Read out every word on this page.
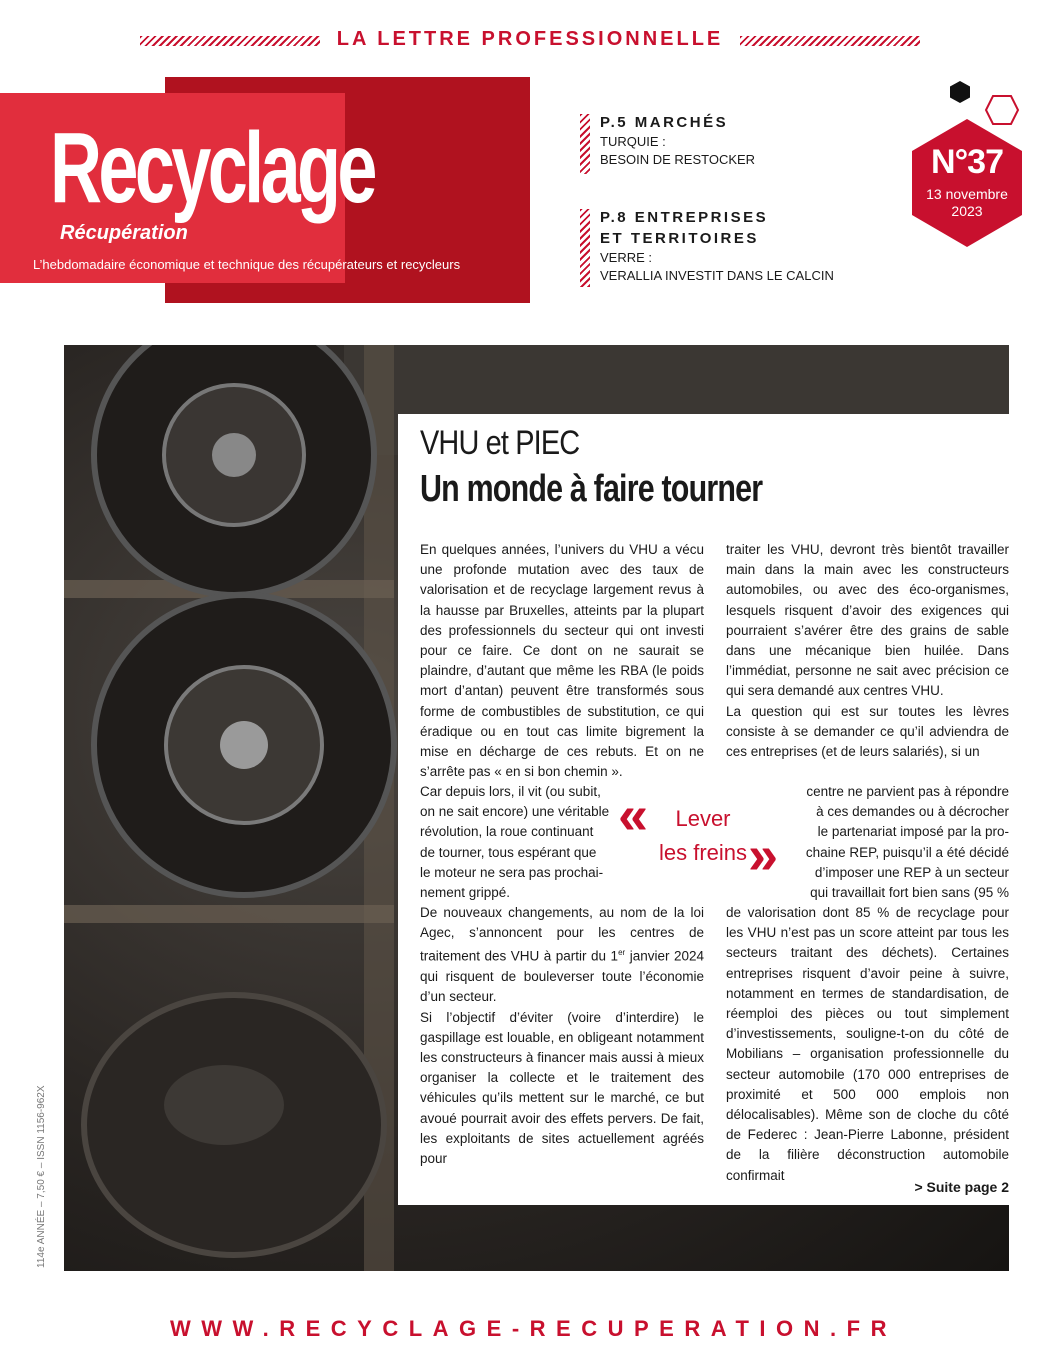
LA LETTRE PROFESSIONNELLE
Recyclage
Récupération
L’hebdomadaire économique et technique des récupérateurs et recycleurs
P.5 MARCHÉS
TURQUIE :
BESOIN DE RESTOCKER
P.8 ENTREPRISES
ET TERRITOIRES
VERRE :
VERALLIA INVESTIT DANS LE CALCIN
N°37
13 novembre
2023
VHU et PIEC
Un monde à faire tourner

En quelques années, l’univers du VHU a vécu une profonde mutation avec des taux de valorisation et de recyclage largement revus à la hausse par Bruxelles, atteints par la plupart des professionnels du secteur qui ont investi pour ce faire. Ce dont on ne saurait se plaindre, d’autant que même les RBA (le poids mort d’antan) peuvent être transformés sous forme de combustibles de substitution, ce qui éradique ou en tout cas limite bigrement la mise en décharge de ces rebuts. Et on ne s’arrête pas « en si bon chemin ».

Car depuis lors, il vit (ou subit,
on ne sait encore) une véritable
révolution, la roue continuant
de tourner, tous espérant que
le moteur ne sera pas prochai-
nement grippé.

De nouveaux changements, au nom de la loi Agec, s’annoncent pour les centres de traitement des VHU à partir du 1er janvier 2024 qui risquent de bouleverser toute l’économie d’un secteur.

Si l’objectif d’éviter (voire d’interdire) le gaspillage est louable, en obligeant notamment les constructeurs à financer mais aussi à mieux organiser la collecte et le traitement des véhicules qu’ils mettent sur le marché, ce but avoué pourrait avoir des effets pervers. De fait, les exploitants de sites actuellement agréés pour

«	Lever
les freins »

traiter les VHU, devront très bientôt travailler main dans la main avec les constructeurs automobiles, ou avec des éco-organismes, lesquels risquent d’avoir des exigences qui pourraient s’avérer être des grains de sable dans une mécanique bien huilée. Dans l’immédiat, personne ne sait avec précision ce qui sera demandé aux centres VHU.

La question qui est sur toutes les lèvres consiste à se demander ce qu’il adviendra de ces entreprises (et de leurs salariés), si un

centre ne parvient pas à répondre
à ces demandes ou à décrocher
le partenariat imposé par la pro-
chaine REP, puisqu’il a été décidé
d’imposer une REP à un secteur
qui travaillait fort bien sans (95 %

de valorisation dont 85 % de recyclage pour les VHU n’est pas un score atteint par tous les secteurs traitant des déchets). Certaines entreprises risquent d’avoir peine à suivre, notamment en termes de standardisation, de réemploi des pièces ou tout simplement d’investissements, souligne-t-on du côté de Mobilians – organisation professionnelle du secteur automobile (170 000 entreprises de proximité et 500 000 emplois non délocalisables). Même son de cloche du côté de Federec : Jean-Pierre Labonne, président de la filière déconstruction automobile confirmait

> Suite page 2
114e ANNÉE – 7,50 € – ISSN 1156-962X
WWW.RECYCLAGE-RECUPERATION.FR
